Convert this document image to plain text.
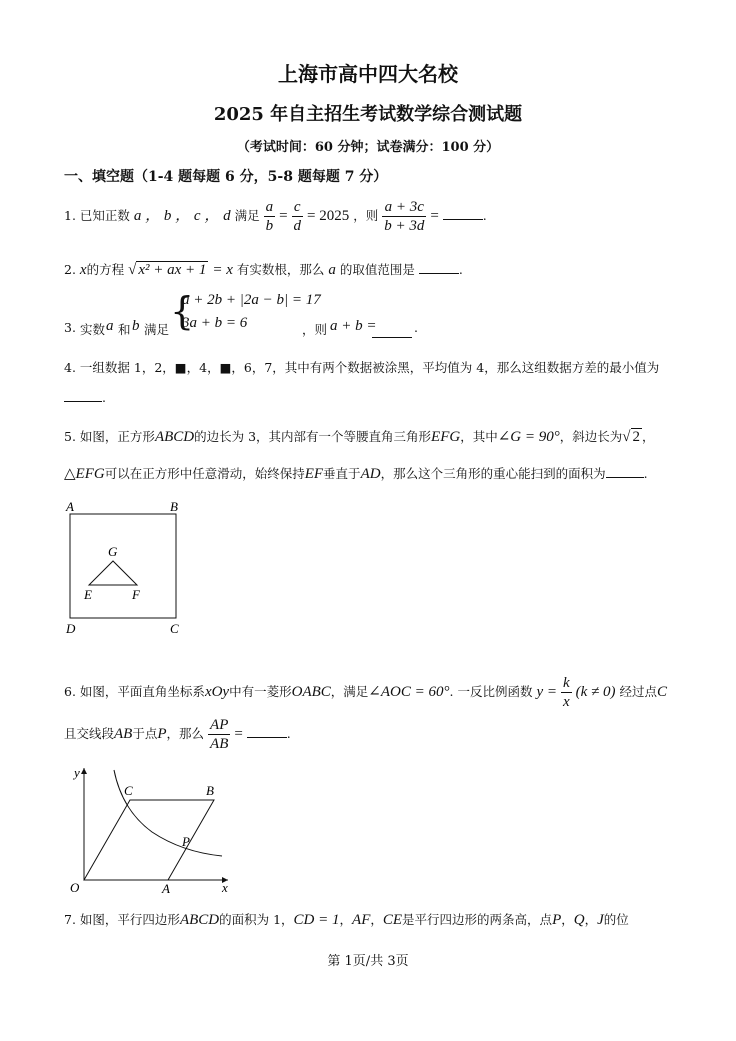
上海市高中四大名校
2025 年自主招生考试数学综合测试题
（考试时间：60 分钟；试卷满分：100 分）
一、填空题（1-4 题每题 6 分，5-8 题每题 7 分）
1. 已知正数 a ， b ， c ， d 满足 $\frac{a}{b} = \frac{c}{d} = 2025$ ，则 $\frac{a + 3c}{b + 3d}$ =	.
2. x的方程 √ x² + ax + 1 = x 有实数根，那么 a 的取值范围是	.
3. 实数 a 和 b 满足 {
a + 2b + |2a − b| = 17
3a + b = 6	，则 a + b =	.
4. 一组数据 1，2，■，4，■，6，7，其中有两个数据被涂黑，平均值为 4，那么这组数据方差的最小值为
.
5. 如图，正方形ABCD的边长为 3，其内部有一个等腰直角三角形EFG，其中∠G = 90°，斜边长为√ 2 ，
△EFG可以在正方形中任意滑动，始终保持EF垂直于AD，那么这个三角形的重心能扫到的面积为	.
A	B
C
D
E	F
G
6. 如图，平面直角坐标系xOy中有一菱形OABC，满足∠AOC = 60°. 一反比例函数 $y = \frac{k}{x} (k \ne 0)$ 经过点C
且交线段AB于点P，那么 $\frac{AP}{AB}$ =	.
y
x
O	A
B
C
P
7. 如图，平行四边形ABCD的面积为 1，CD = 1，AF，CE是平行四边形的两条高，点P，Q，J的位
第 1页/共 3页
